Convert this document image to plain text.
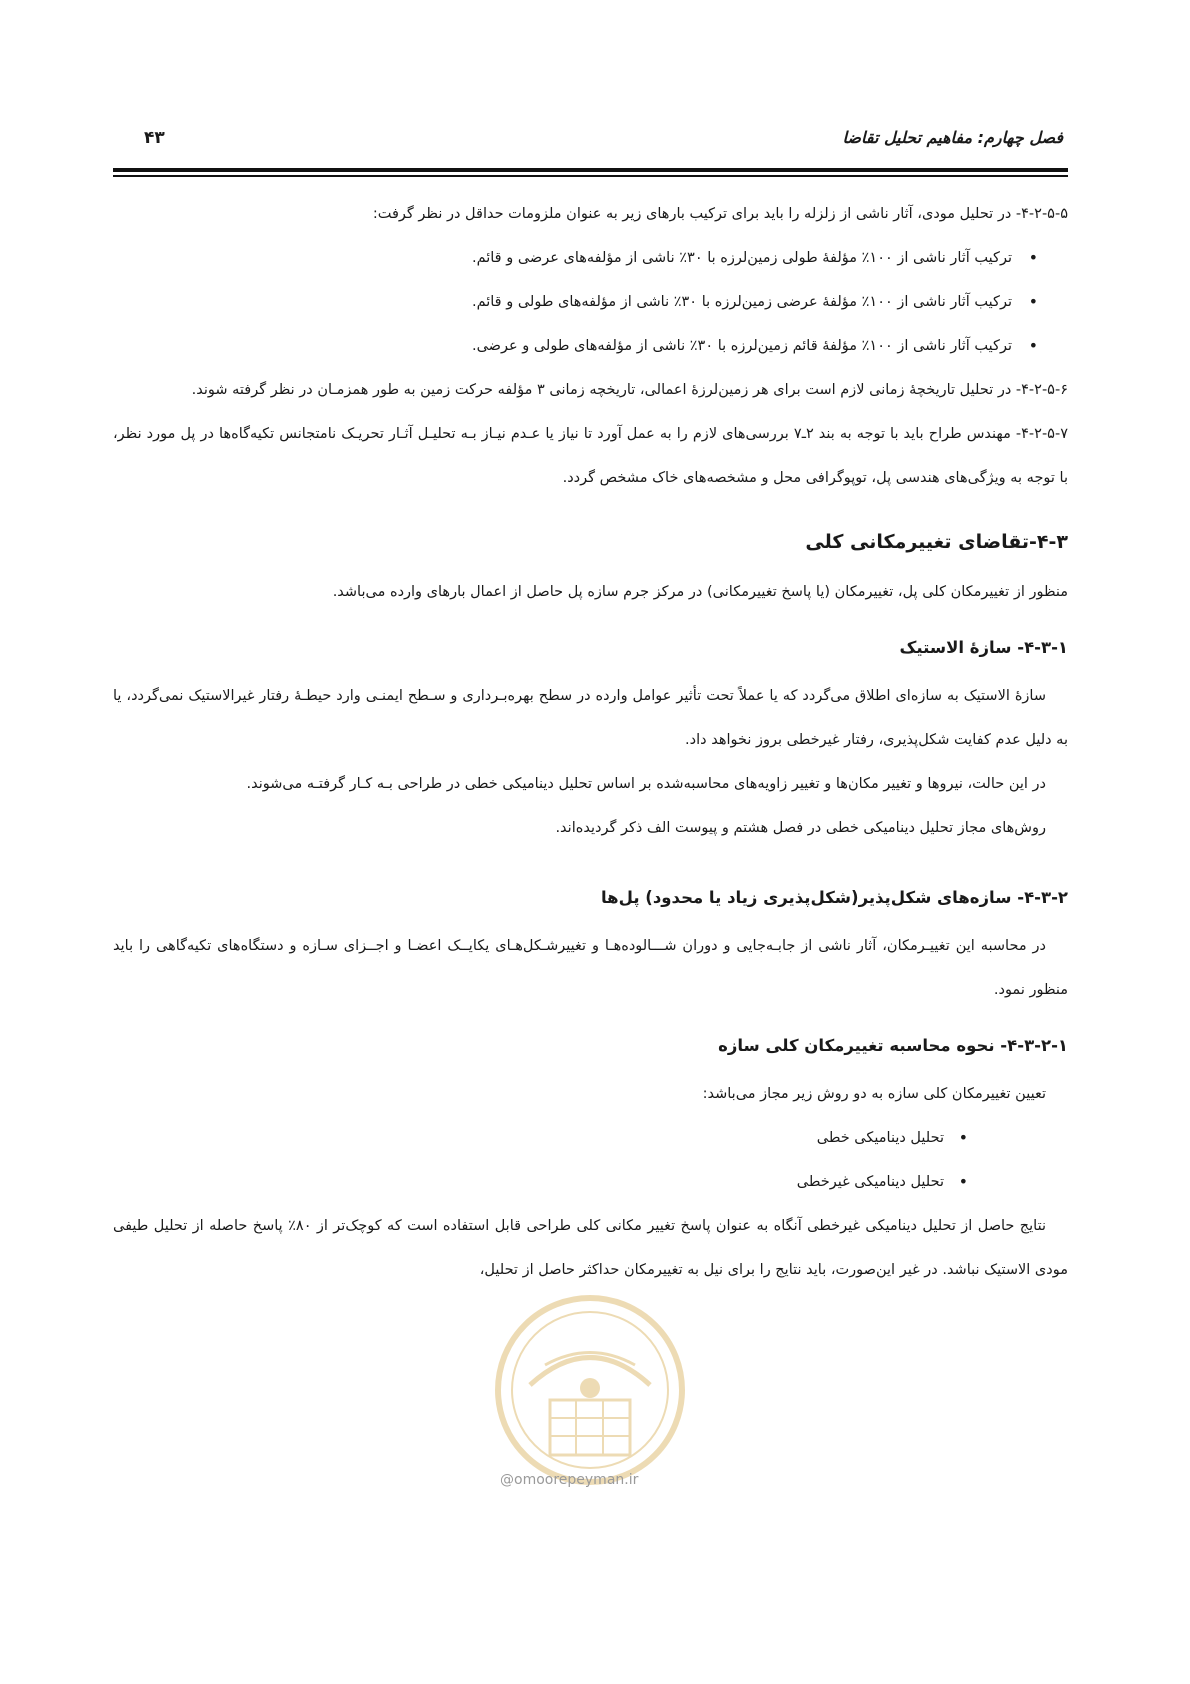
فصل چهارم: مفاهیم تحلیل تقاضا
۴۳

۴-۲-۵-۵- در تحلیل مودی، آثار ناشی از زلزله را باید برای ترکیب بارهای زیر به عنوان ملزومات حداقل در نظر گرفت:

• ترکیب آثار ناشی از ۱۰۰٪ مؤلفۀ طولی زمین‌لرزه با ۳۰٪ ناشی از مؤلفه‌های عرضی و قائم.
• ترکیب آثار ناشی از ۱۰۰٪ مؤلفۀ عرضی زمین‌لرزه با ۳۰٪ ناشی از مؤلفه‌های طولی و قائم.
• ترکیب آثار ناشی از ۱۰۰٪ مؤلفۀ قائم زمین‌لرزه با ۳۰٪ ناشی از مؤلفه‌های طولی و عرضی.

۴-۲-۵-۶- در تحلیل تاریخچۀ زمانی لازم است برای هر زمین‌لرزۀ اعمالی، تاریخچه زمانی ۳ مؤلفه حرکت زمین به طور همزمـان در نظر گرفته شوند.

۴-۲-۵-۷- مهندس طراح باید با توجه به بند ۲ـ۷ بررسی‌های لازم را به عمل آورد تا نیاز یا عـدم نیـاز بـه تحلیـل آثـار تحریـک نامتجانس تکیه‌گاه‌ها در پل مورد نظر، با توجه به ویژگی‌های هندسی پل، توپوگرافی محل و مشخصه‌های خاک مشخص گردد.

۴-۳-تقاضای تغییرمکانی کلی

منظور از تغییرمکان کلی پل، تغییرمکان (یا پاسخ تغییرمکانی) در مرکز جرم سازه پل حاصل از اعمال بارهای وارده می‌باشد.

۴-۳-۱- سازۀ الاستیک

سازۀ الاستیک به سازه‌ای اطلاق می‌گردد که یا عملاً تحت تأثیر عوامل وارده در سطح بهره‌بـرداری و سـطح ایمنـی وارد حیطـۀ رفتار غیرالاستیک نمی‌گردد، یا به دلیل عدم کفایت شکل‌پذیری، رفتار غیرخطی بروز نخواهد داد.

در این حالت، نیروها و تغییر مکان‌ها و تغییر زاویه‌های محاسبه‌شده بر اساس تحلیل دینامیکی خطی در طراحی بـه کـار گرفتـه می‌شوند.

روش‌های مجاز تحلیل دینامیکی خطی در فصل هشتم و پیوست الف ذکر گردیده‌اند.

۴-۳-۲- سازه‌های شکل‌پذیر(شکل‌پذیری زیاد یا محدود) پل‌ها

در محاسبه این تغییـرمکان، آثار ناشی از جابـه‌جایی و دوران شـــالوده‌هـا و تغییرشـکل‌هـای یکایــک اعضـا و اجــزای سـازه و دستگاه‌های تکیه‌گاهی را باید منظور نمود.

۴-۳-۲-۱- نحوه محاسبه تغییرمکان کلی سازه

تعیین تغییرمکان کلی سازه به دو روش زیر مجاز می‌باشد:

• تحلیل دینامیکی خطی
• تحلیل دینامیکی غیرخطی

نتایج حاصل از تحلیل دینامیکی غیرخطی آنگاه به عنوان پاسخ تغییر مکانی کلی طراحی قابل استفاده است که کوچک‌تر از ۸۰٪ پاسخ حاصله از تحلیل طیفی مودی الاستیک نباشد. در غیر این‌صورت، باید نتایج را برای نیل به تغییرمکان حداکثر حاصل از تحلیل،

@omoorepeyman.ir
